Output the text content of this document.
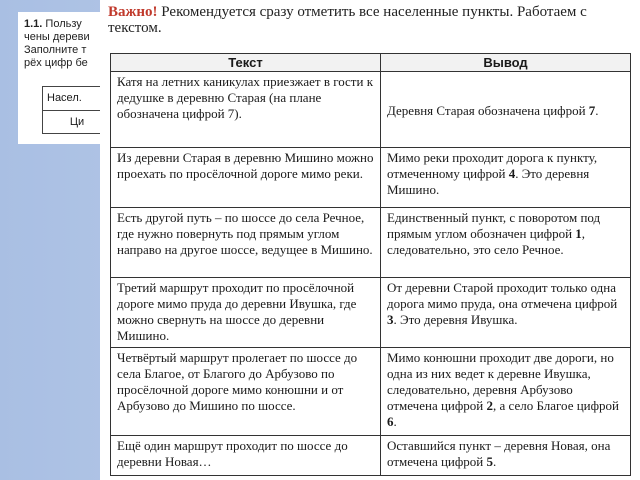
1.1. Пользу
чены дереви
Заполните т
рёх цифр бе
Насел.
Ци
Важно! Рекомендуется сразу отметить все населенные пункты. Работаем с текстом.
Текст	Вывод
Катя на летних каникулах приезжает в гости к дедушке в деревню Старая (на плане обозначена цифрой 7).	Деревня Старая обозначена цифрой 7.
Из деревни Старая в деревню Мишино можно проехать по просёлочной дороге мимо реки.	Мимо реки проходит дорога к пункту, отмеченному цифрой 4. Это деревня Мишино.
Есть другой путь – по шоссе до села Речное, где нужно повернуть под прямым углом направо на другое шоссе, ведущее в Мишино.	Единственный пункт, с поворотом под прямым углом обозначен цифрой 1, следовательно, это село Речное.
Третий маршрут проходит по просёлочной дороге мимо пруда до деревни Ивушка, где можно свернуть на шоссе до деревни Мишино.	От деревни Старой проходит только одна дорога мимо пруда, она отмечена цифрой 3. Это деревня Ивушка.
Четвёртый маршрут пролегает по шоссе до села Благое, от Благого до Арбузово по просёлочной дороге мимо конюшни и от Арбузово до Мишино по шоссе.	Мимо конюшни проходит две дороги, но одна из них ведет к деревне Ивушка, следовательно, деревня Арбузово отмечена цифрой 2, а село Благое цифрой 6.
Ещё один маршрут проходит по шоссе до деревни Новая…	Оставшийся пункт – деревня Новая, она отмечена цифрой 5.
